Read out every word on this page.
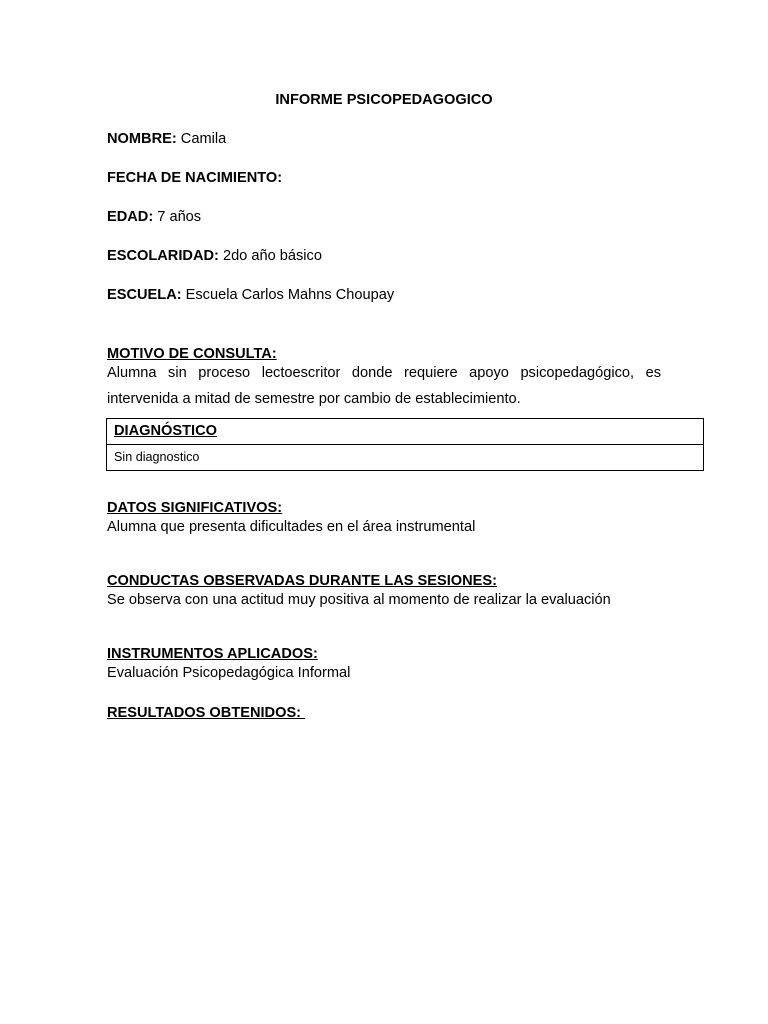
INFORME PSICOPEDAGOGICO
NOMBRE: Camila
FECHA DE NACIMIENTO:
EDAD: 7 años
ESCOLARIDAD: 2do año básico
ESCUELA: Escuela Carlos Mahns Choupay
MOTIVO DE CONSULTA:
Alumna sin proceso lectoescritor donde requiere apoyo psicopedagógico, es intervenida a mitad de semestre por cambio de establecimiento.
DIAGNÓSTICO
Sin diagnostico
DATOS SIGNIFICATIVOS:
Alumna que presenta dificultades en el área instrumental
CONDUCTAS OBSERVADAS DURANTE LAS SESIONES:
Se observa con una actitud muy positiva al momento de realizar la evaluación
INSTRUMENTOS APLICADOS:
Evaluación Psicopedagógica Informal
RESULTADOS OBTENIDOS:
